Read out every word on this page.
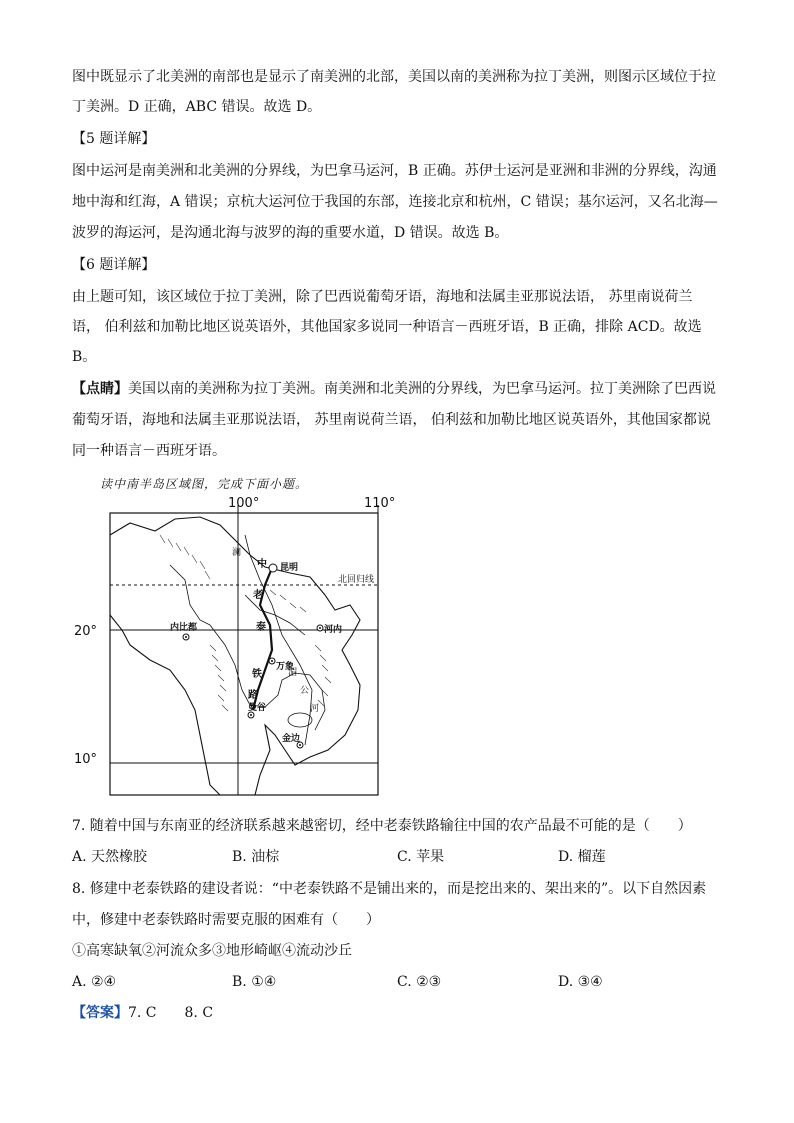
图中既显示了北美洲的南部也是显示了南美洲的北部，美国以南的美洲称为拉丁美洲，则图示区域位于拉
丁美洲。D 正确，ABC 错误。故选 D。
【5 题详解】
图中运河是南美洲和北美洲的分界线，为巴拿马运河，B 正确。苏伊士运河是亚洲和非洲的分界线，沟通
地中海和红海，A 错误；京杭大运河位于我国的东部，连接北京和杭州，C 错误；基尔运河，又名北海—
波罗的海运河，是沟通北海与波罗的海的重要水道，D 错误。故选 B。
【6 题详解】
由上题可知，该区域位于拉丁美洲，除了巴西说葡萄牙语，海地和法属圭亚那说法语， 苏里南说荷兰
语， 伯利兹和加勒比地区说英语外，其他国家多说同一种语言－西班牙语，B 正确，排除 ACD。故选
B。
【点睛】美国以南的美洲称为拉丁美洲。南美洲和北美洲的分界线，为巴拿马运河。拉丁美洲除了巴西说
葡萄牙语，海地和法属圭亚那说法语， 苏里南说荷兰语， 伯利兹和加勒比地区说英语外，其他国家都说
同一种语言－西班牙语。
读中南半岛区域图，完成下面小题。
100°	110°
20°
10°
北回归线
昆明
内比都	河内
万象
曼谷
金边
中
老
泰
铁
路
澜
湄
公
河
7. 随着中国与东南亚的经济联系越来越密切，经中老泰铁路输往中国的农产品最不可能的是（　　）
A. 天然橡胶	B. 油棕	C. 苹果	D. 榴莲
8. 修建中老泰铁路的建设者说：“中老泰铁路不是铺出来的，而是挖出来的、架出来的”。以下自然因素
中，修建中老泰铁路时需要克服的困难有（　　）
①高寒缺氧②河流众多③地形崎岖④流动沙丘
A. ②④	B. ①④	C. ②③	D. ③④
【答案】7. C　　8. C
